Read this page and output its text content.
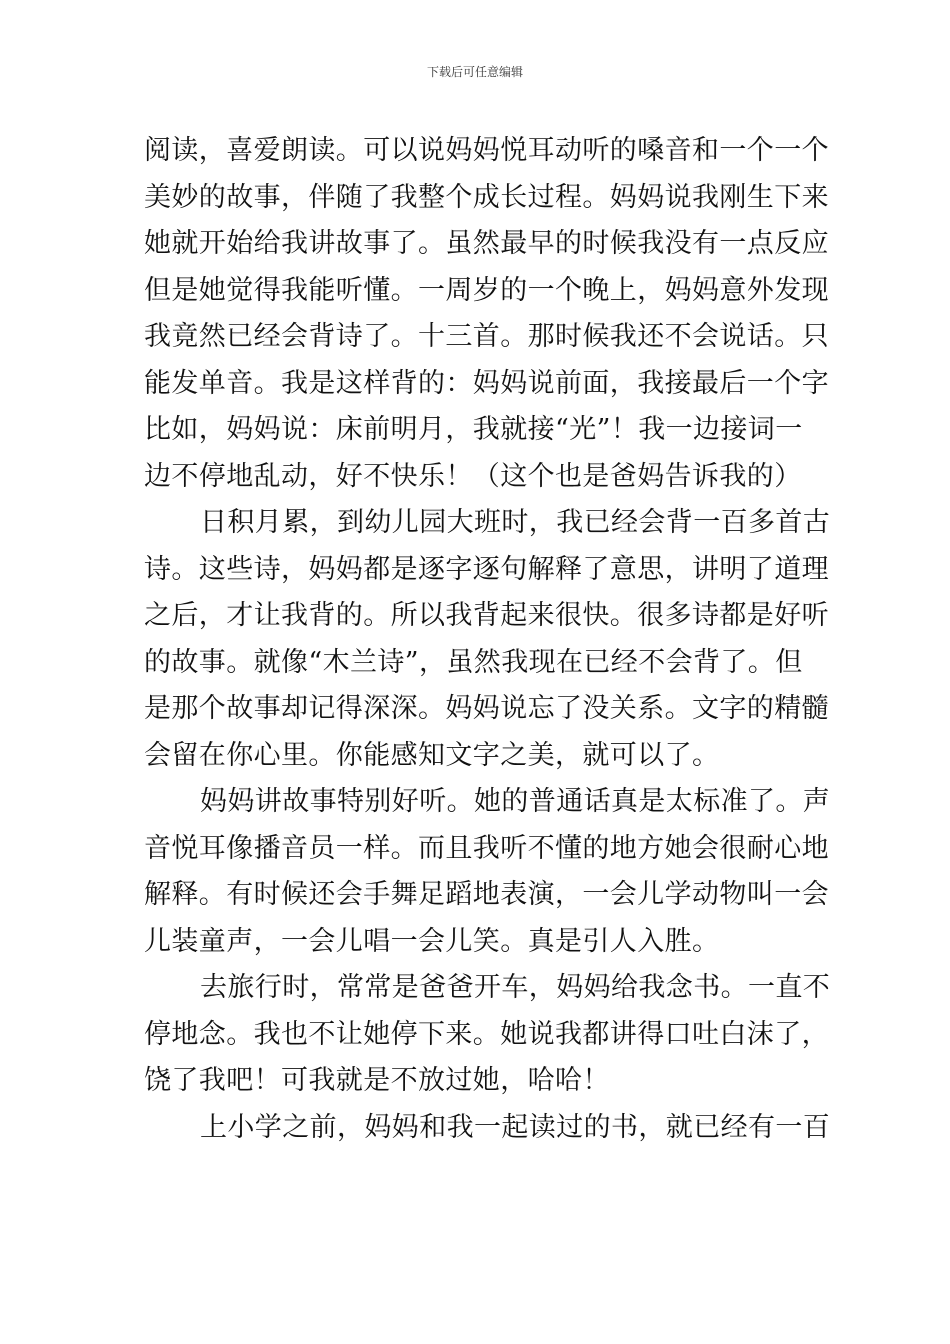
下载后可任意编辑
阅读，喜爱朗读。可以说妈妈悦耳动听的嗓音和一个一个
美妙的故事，伴随了我整个成长过程。妈妈说我刚生下来
她就开始给我讲故事了。虽然最早的时候我没有一点反应
但是她觉得我能听懂。一周岁的一个晚上，妈妈意外发现
我竟然已经会背诗了。十三首。那时候我还不会说话。只
能发单音。我是这样背的：妈妈说前面，我接最后一个字
比如，妈妈说：床前明月，我就接“光”！我一边接词一
边不停地乱动，好不快乐！（这个也是爸妈告诉我的）
日积月累，到幼儿园大班时，我已经会背一百多首古
诗。这些诗，妈妈都是逐字逐句解释了意思，讲明了道理
之后，才让我背的。所以我背起来很快。很多诗都是好听
的故事。就像“木兰诗”，虽然我现在已经不会背了。但
是那个故事却记得深深。妈妈说忘了没关系。文字的精髓
会留在你心里。你能感知文字之美，就可以了。
妈妈讲故事特别好听。她的普通话真是太标准了。声
音悦耳像播音员一样。而且我听不懂的地方她会很耐心地
解释。有时候还会手舞足蹈地表演，一会儿学动物叫一会
儿装童声，一会儿唱一会儿笑。真是引人入胜。
去旅行时，常常是爸爸开车，妈妈给我念书。一直不
停地念。我也不让她停下来。她说我都讲得口吐白沫了，
饶了我吧！可我就是不放过她，哈哈！
上小学之前，妈妈和我一起读过的书，就已经有一百
